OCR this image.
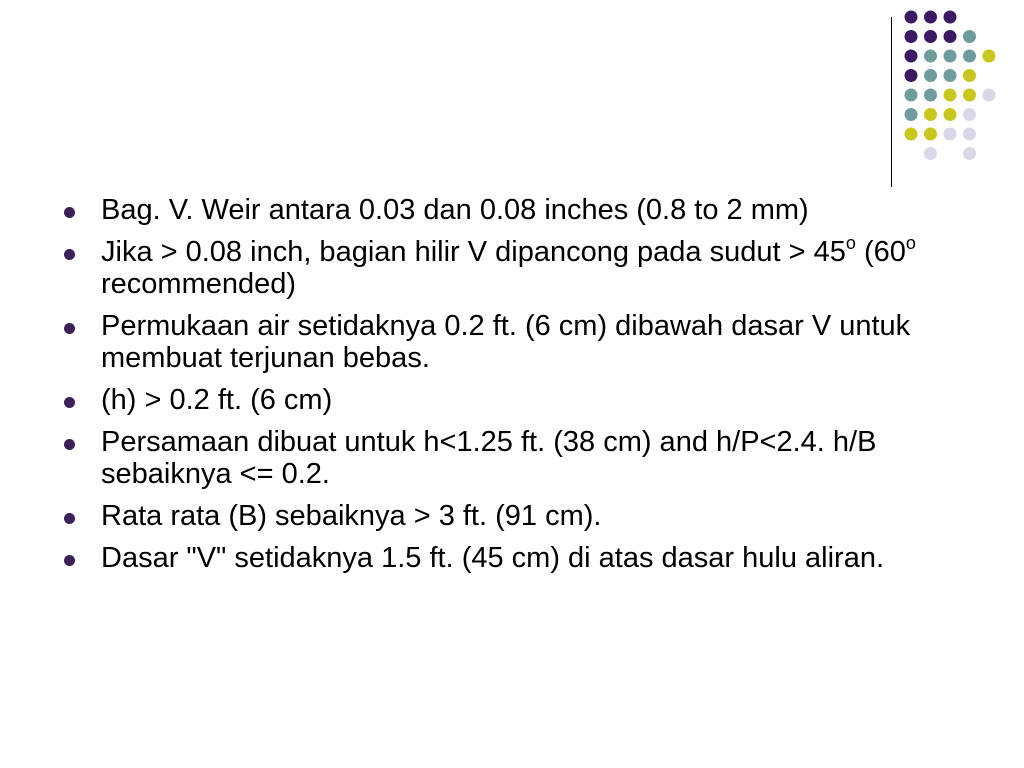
Bag. V. Weir antara 0.03 dan 0.08 inches (0.8 to 2 mm)
Jika > 0.08 inch, bagian hilir V dipancong pada sudut > $45^o$ (60$^o$ recommended)
Permukaan air setidaknya 0.2 ft. (6 cm) dibawah dasar V untuk membuat terjunan bebas.
(h) > 0.2 ft. (6 cm)
Persamaan dibuat untuk h<1.25 ft. (38 cm) and h/P<2.4. h/B sebaiknya <= 0.2.
Rata rata (B) sebaiknya > 3 ft. (91 cm).
Dasar "V" setidaknya 1.5 ft. (45 cm) di atas dasar hulu aliran.
